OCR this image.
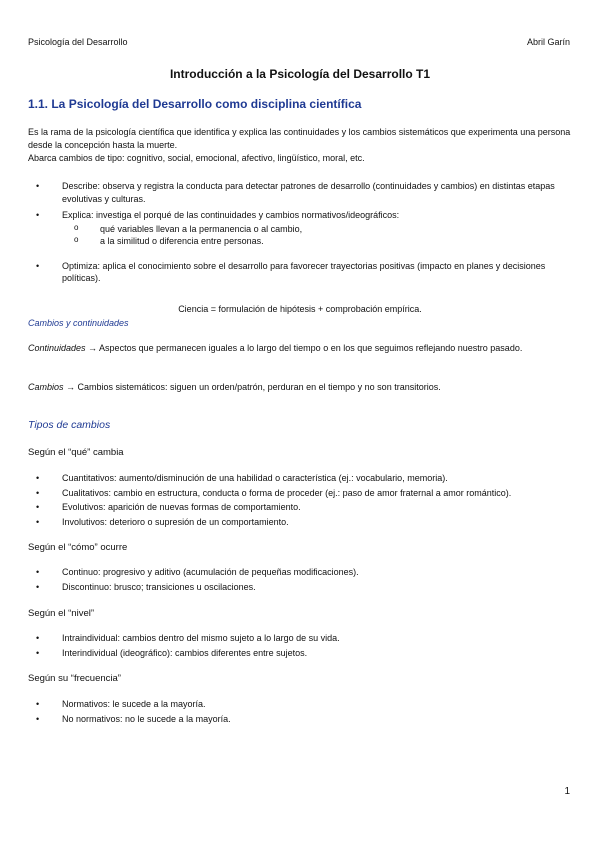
Psicología del Desarrollo	Abril Garín
Introducción a la Psicología del Desarrollo T1
1.1. La Psicología del Desarrollo como disciplina científica
Es la rama de la psicología científica que identifica y explica las continuidades y los cambios sistemáticos que experimenta una persona desde la concepción hasta la muerte.
Abarca cambios de tipo: cognitivo, social, emocional, afectivo, lingüístico, moral, etc.
• Describe: observa y registra la conducta para detectar patrones de desarrollo (continuidades y cambios) en distintas etapas evolutivas y culturas.
• Explica: investiga el porqué de las continuidades y cambios normativos/ideográficos:
o qué variables llevan a la permanencia o al cambio,
o a la similitud o diferencia entre personas.
• Optimiza: aplica el conocimiento sobre el desarrollo para favorecer trayectorias positivas (impacto en planes y decisiones políticas).
Ciencia = formulación de hipótesis + comprobación empírica.
Cambios y continuidades
Continuidades → Aspectos que permanecen iguales a lo largo del tiempo o en los que seguimos reflejando nuestro pasado.
Cambios → Cambios sistemáticos: siguen un orden/patrón, perduran en el tiempo y no son transitorios.
Tipos de cambios
Según el “qué” cambia
• Cuantitativos: aumento/disminución de una habilidad o característica (ej.: vocabulario, memoria).
• Cualitativos: cambio en estructura, conducta o forma de proceder (ej.: paso de amor fraternal a amor romántico).
• Evolutivos: aparición de nuevas formas de comportamiento.
• Involutivos: deterioro o supresión de un comportamiento.
Según el “cómo” ocurre
• Continuo: progresivo y aditivo (acumulación de pequeñas modificaciones).
• Discontinuo: brusco; transiciones u oscilaciones.
Según el “nivel”
• Intraindividual: cambios dentro del mismo sujeto a lo largo de su vida.
• Interindividual (ideográfico): cambios diferentes entre sujetos.
Según su “frecuencia”
• Normativos: le sucede a la mayoría.
• No normativos: no le sucede a la mayoría.
1
